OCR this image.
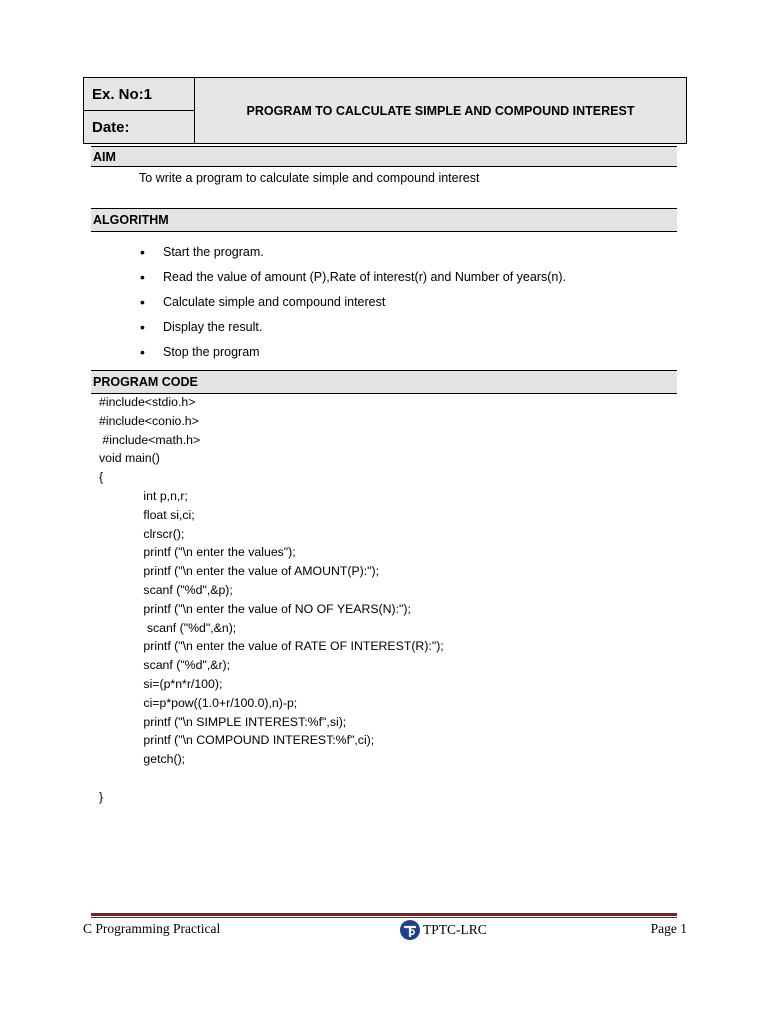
Ex. No:1
Date:
PROGRAM TO CALCULATE SIMPLE AND COMPOUND INTEREST
AIM
To write a program to calculate simple and compound interest
ALGORITHM
• Start the program.
• Read the value of amount (P),Rate of interest(r) and Number of years(n).
• Calculate simple and compound interest
• Display the result.
• Stop the program
PROGRAM CODE
#include<stdio.h>
#include<conio.h>
#include<math.h>
void main()
{
int p,n,r;
float si,ci;
clrscr();
printf ("\n enter the values");
printf ("\n enter the value of AMOUNT(P):");
scanf ("%d",&p);
printf ("\n enter the value of NO OF YEARS(N):");
scanf ("%d",&n);
printf ("\n enter the value of RATE OF INTEREST(R):");
scanf ("%d",&r);
si=(p*n*r/100);
ci=p*pow((1.0+r/100.0),n)-p;
printf ("\n SIMPLE INTEREST:%f",si);
printf ("\n COMPOUND INTEREST:%f",ci);
getch();
}
C Programming Practical	TPTC-LRC	Page 1
